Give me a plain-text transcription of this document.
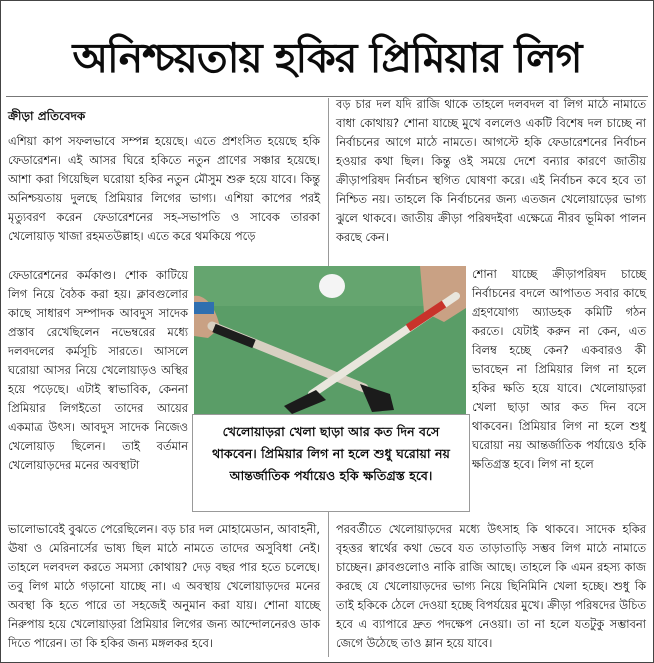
অনিশ্চয়তায় হকির প্রিমিয়ার লিগ
ক্রীড়া প্রতিবেদক

এশিয়া কাপ সফলভাবে সম্পন্ন হয়েছে। এতে প্রশংসিত হয়েছে হকি ফেডারেশন। এই আসর ঘিরে হকিতে নতুন প্রাণের সঞ্চার হয়েছে। আশা করা গিয়েছিল ঘরোয়া হকির নতুন মৌসুম শুরু হয়ে যাবে। কিন্তু অনিশ্চয়তায় দুলছে প্রিমিয়ার লিগের ভাগ্য। এশিয়া কাপের পরই মৃত্যুবরণ করেন ফেডারেশনের সহ-সভাপতি ও সাবেক তারকা খেলোয়াড় খাজা রহমতউল্লাহ। এতে করে থমকিয়ে পড়ে

বড় চার দল যদি রাজি থাকে তাহলে দলবদল বা লিগ মাঠে নামাতে বাধা কোথায়? শোনা যাচ্ছে মুখে বললেও একটি বিশেষ দল চাচ্ছে না নির্বাচনের আগে মাঠে নামতে। আগস্টে হকি ফেডারেশনের নির্বাচন হওয়ার কথা ছিল। কিন্তু ওই সময়ে দেশে বন্যার কারণে জাতীয় ক্রীড়াপরিষদ নির্বাচন স্থগিত ঘোষণা করে। এই নির্বাচন কবে হবে তা নিশ্চিত নয়। তাহলে কি নির্বাচনের জন্য এতজন খেলোয়াড়ের ভাগ্য ঝুলে থাকবে। জাতীয় ক্রীড়া পরিষদইবা এক্ষেত্রে নীরব ভূমিকা পালন করছে কেন।

ফেডারেশনের কর্মকাণ্ড। শোক কাটিয়ে লিগ নিয়ে বৈঠক করা হয়। ক্লাবগুলোর কাছে সাধারণ সম্পাদক আবদুস সাদেক প্রস্তাব রেখেছিলেন নভেম্বরের মধ্যে দলবদলের কর্মসূচি সারতে। আসলে ঘরোয়া আসর নিয়ে খেলোয়াড়ও অস্থির হয়ে পড়েছে। এটাই স্বাভাবিক, কেননা প্রিমিয়ার লিগইতো তাদের আয়ের একমাত্র উৎস। আবদুস সাদেক নিজেও খেলোয়াড় ছিলেন। তাই বর্তমান খেলোয়াড়দের মনের অবস্থাটা

খেলোয়াড়রা খেলা ছাড়া আর কত দিন বসে থাকবেন। প্রিমিয়ার লিগ না হলে শুধু ঘরোয়া নয় আন্তর্জাতিক পর্যায়েও হকি ক্ষতিগ্রস্ত হবে।

শোনা যাচ্ছে ক্রীড়াপরিষদ চাচ্ছে নির্বাচনের বদলে আপাতত সবার কাছে গ্রহণযোগ্য অ্যাডহক কমিটি গঠন করতে। যেটাই করুন না কেন, এত বিলম্ব হচ্ছে কেন? একবারও কী ভাবছেন না প্রিমিয়ার লিগ না হলে হকির ক্ষতি হয়ে যাবে। খেলোয়াড়রা খেলা ছাড়া আর কত দিন বসে থাকবেন। প্রিমিয়ার লিগ না হলে শুধু ঘরোয়া নয় আন্তর্জাতিক পর্যায়েও হকি ক্ষতিগ্রস্ত হবে। লিগ না হলে

ভালোভাবেই বুঝতে পেরেছিলেন। বড় চার দল মোহামেডান, আবাহনী, ঊষা ও মেরিনার্সের ভাষ্য ছিল মাঠে নামতে তাদের অসুবিধা নেই। তাহলে দলবদল করতে সমস্যা কোথায়? দেড় বছর পার হতে চলেছে। তবু লিগ মাঠে গড়ানো যাচ্ছে না। এ অবস্থায় খেলোয়াড়দের মনের অবস্থা কি হতে পারে তা সহজেই অনুমান করা যায়। শোনা যাচ্ছে নিরুপায় হয়ে খেলোয়াড়রা প্রিমিয়ার লিগের জন্য আন্দোলনেরও ডাক দিতে পারেন। তা কি হকির জন্য মঙ্গলকর হবে।

পরবর্তীতে খেলোয়াড়দের মধ্যে উৎসাহ কি থাকবে। সাদেক হকির বৃহত্তর স্বার্থের কথা ভেবে যত তাড়াতাড়ি সম্ভব লিগ মাঠে নামাতে চাচ্ছেন। ক্লাবগুলোও নাকি রাজি আছে। তাহলে কি এমন রহস্য কাজ করছে যে খেলোয়াড়দের ভাগ্য নিয়ে ছিনিমিনি খেলা হচ্ছে। শুধু কি তাই হকিকে ঠেলে দেওয়া হচ্ছে বিপর্যয়ের মুখে। ক্রীড়া পরিষদের উচিত হবে এ ব্যাপারে দ্রুত পদক্ষেপ নেওয়া। তা না হলে যতটুকু সম্ভাবনা জেগে উঠেছে তাও ম্লান হয়ে যাবে।
